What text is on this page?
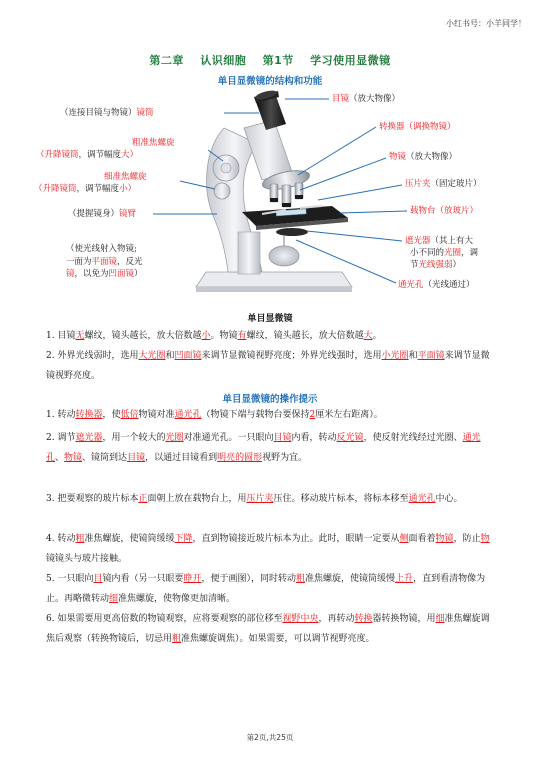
小红书号：小羊同学！
第二章 认识细胞 第1节 学习使用显微镜
单目显微镜的结构和功能
（连接目镜与物镜）镜筒
粗准焦螺旋
（升降镜筒，调节幅度大）
细准焦螺旋
（升降镜筒，调节幅度小）
（提握镜身）镜臂
（使光线射入物镜;
一面为平面镜，反光
镜，以免为凹面镜）
目镜（放大物像）
转换器（调换物镜）
物镜（放大物像）
压片夹（固定玻片）
载物台（放玻片）
遮光器（其上有大
小不同的光圈，调
节光线强弱）
通光孔（光线通过）
单目显微镜
1. 目镜无螺纹，镜头越长，放大倍数越小。物镜有螺纹，镜头越长，放大倍数越大。
2. 外界光线弱时，选用大光圈和凹面镜来调节显微镜视野亮度；外界光线强时，选用小光圈和平面镜来调节显微镜视野亮度。
单目显微镜的操作提示
1. 转动转换器，使低倍物镜对准通光孔（物镜下端与载物台要保持2厘米左右距离）。
2. 调节遮光器，用一个较大的光圈对准通光孔。一只眼向目镜内看，转动反光镜，使反射光线经过光圈、通光孔、物镜、镜筒到达目镜，以通过目镜看到明亮的圆形视野为宜。
3. 把要观察的玻片标本正面朝上放在载物台上，用压片夹压住。移动玻片标本，将标本移至通光孔中心。
4. 转动粗准焦螺旋，使镜筒缓缓下降，直到物镜接近玻片标本为止。此时，眼睛一定要从侧面看着物镜，防止物镜镜头与玻片接触。
5. 一只眼向目镜内看（另一只眼要睁开，便于画图），同时转动粗准焦螺旋，使镜筒缓慢上升，直到看清物像为止。再略微转动细准焦螺旋，使物像更加清晰。
6. 如果需要用更高倍数的物镜观察，应将要观察的部位移至视野中央，再转动转换器转换物镜，用细准焦螺旋调焦后观察（转换物镜后，切忌用粗准焦螺旋调焦）。如果需要，可以调节视野亮度。
第2页,共25页
